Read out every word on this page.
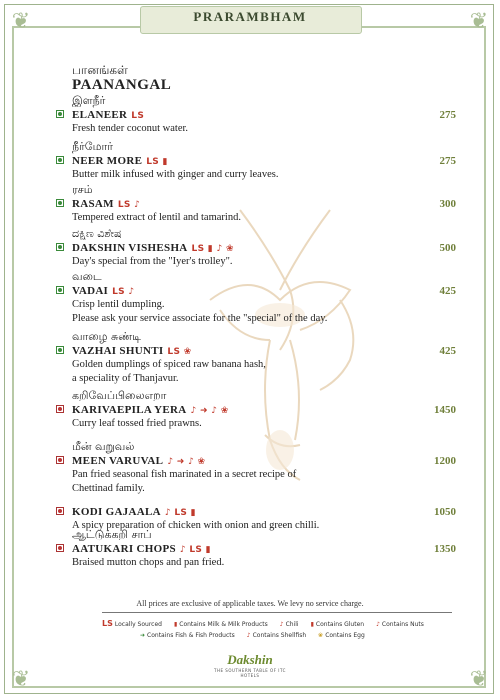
❦	❦
❦	❦
PRARAMBHAM
பானங்கள்
PAANANGAL
இளநீர்
ELANEER LS	275
Fresh tender coconut water.
நீர்மோர்
NEER MORE LS ▮	275
Butter milk infused with ginger and curry leaves.
ரசம்
RASAM LS ♪	300
Tempered extract of lentil and tamarind.
ದಕ್ಷಿಣ ವಿಶೇಷ
DAKSHIN VISHESHA LS ▮ ♪ ❀	500
Day's special from the "Iyer's trolley".
வடை
VADAI LS ♪	425
Crisp lentil dumpling.
Please ask your service associate for the "special" of the day.
வாழை சுண்டி
VAZHAI SHUNTI LS ❀	425
Golden dumplings of spiced raw banana hash,
a speciality of Thanjavur.
கறிவேப்பிலைஎறா
KARIVAEPILA YERA ♪ ➜ ♪ ❀	1450
Curry leaf tossed fried prawns.
மீன் வறுவல்
MEEN VARUVAL ♪ ➜ ♪ ❀	1200
Pan fried seasonal fish marinated in a secret recipe of
Chettinad family.
KODI GAJAALA ♪ LS ▮	1050
A spicy preparation of chicken with onion and green chilli.
ஆட்டுக்கறி சாப்
AATUKARI CHOPS ♪ LS ▮	1350
Braised mutton chops and pan fried.
All prices are exclusive of applicable taxes. We levy no service charge.
LS Locally Sourced ▮ Contains Milk & Milk Products ♪ Chili ▮ Contains Gluten ♪ Contains Nuts
➜ Contains Fish & Fish Products ♪ Contains Shellfish ❀ Contains Egg
Dakshin
THE SOUTHERN TABLE OF ITC HOTELS
